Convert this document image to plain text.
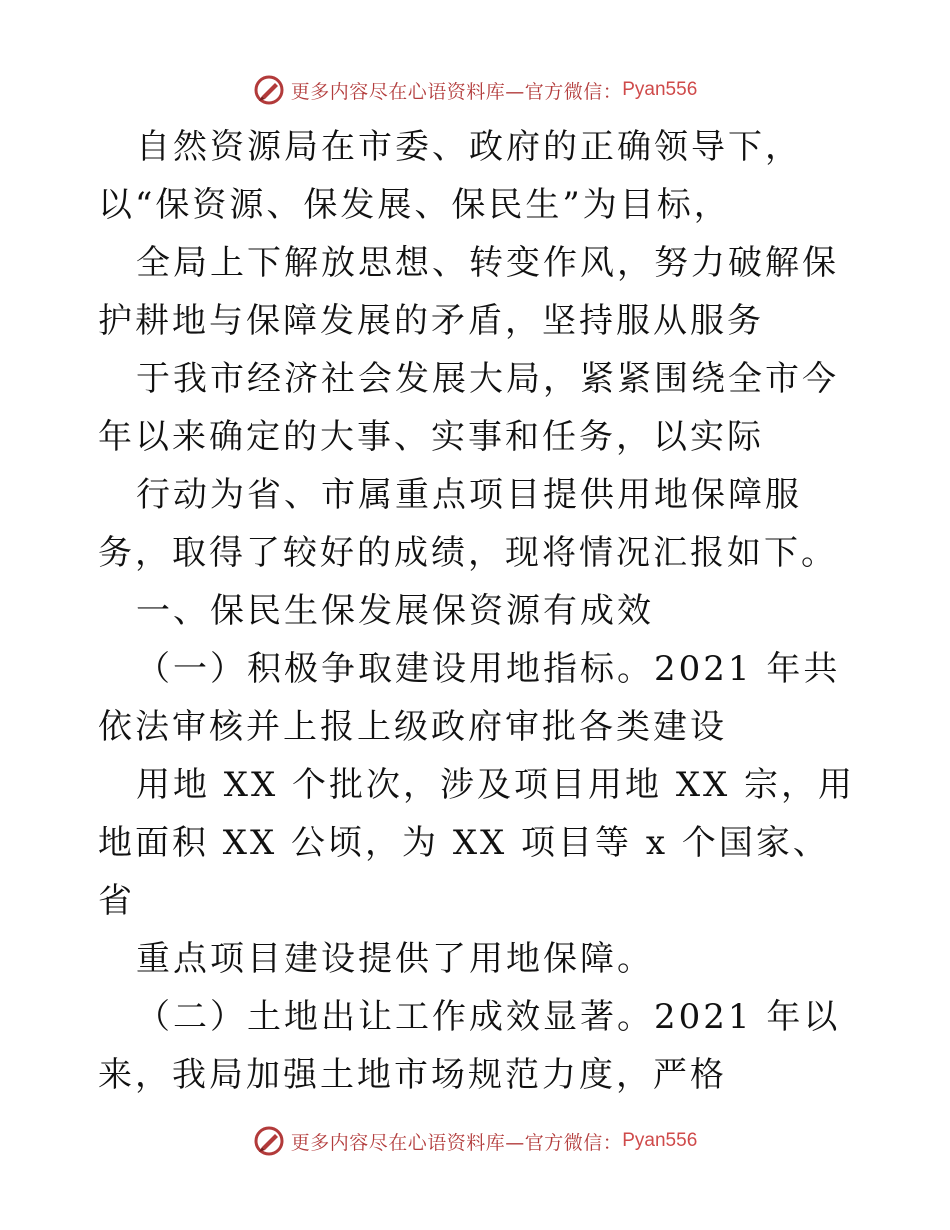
更多内容尽在心语资料库—官方微信： Pyan556

自然资源局在市委、政府的正确领导下，以“保资源、保发展、保民生”为目标，

全局上下解放思想、转变作风，努力破解保护耕地与保障发展的矛盾，坚持服从服务

于我市经济社会发展大局，紧紧围绕全市今年以来确定的大事、实事和任务，以实际

行动为省、市属重点项目提供用地保障服务，取得了较好的成绩，现将情况汇报如下。

一、保民生保发展保资源有成效

（一）积极争取建设用地指标。2021 年共依法审核并上报上级政府审批各类建设

用地 XX 个批次，涉及项目用地 XX 宗，用地面积 XX 公顷，为 XX 项目等 x 个国家、省

重点项目建设提供了用地保障。

（二）土地出让工作成效显著。2021 年以来，我局加强土地市场规范力度，严格

更多内容尽在心语资料库—官方微信： Pyan556
